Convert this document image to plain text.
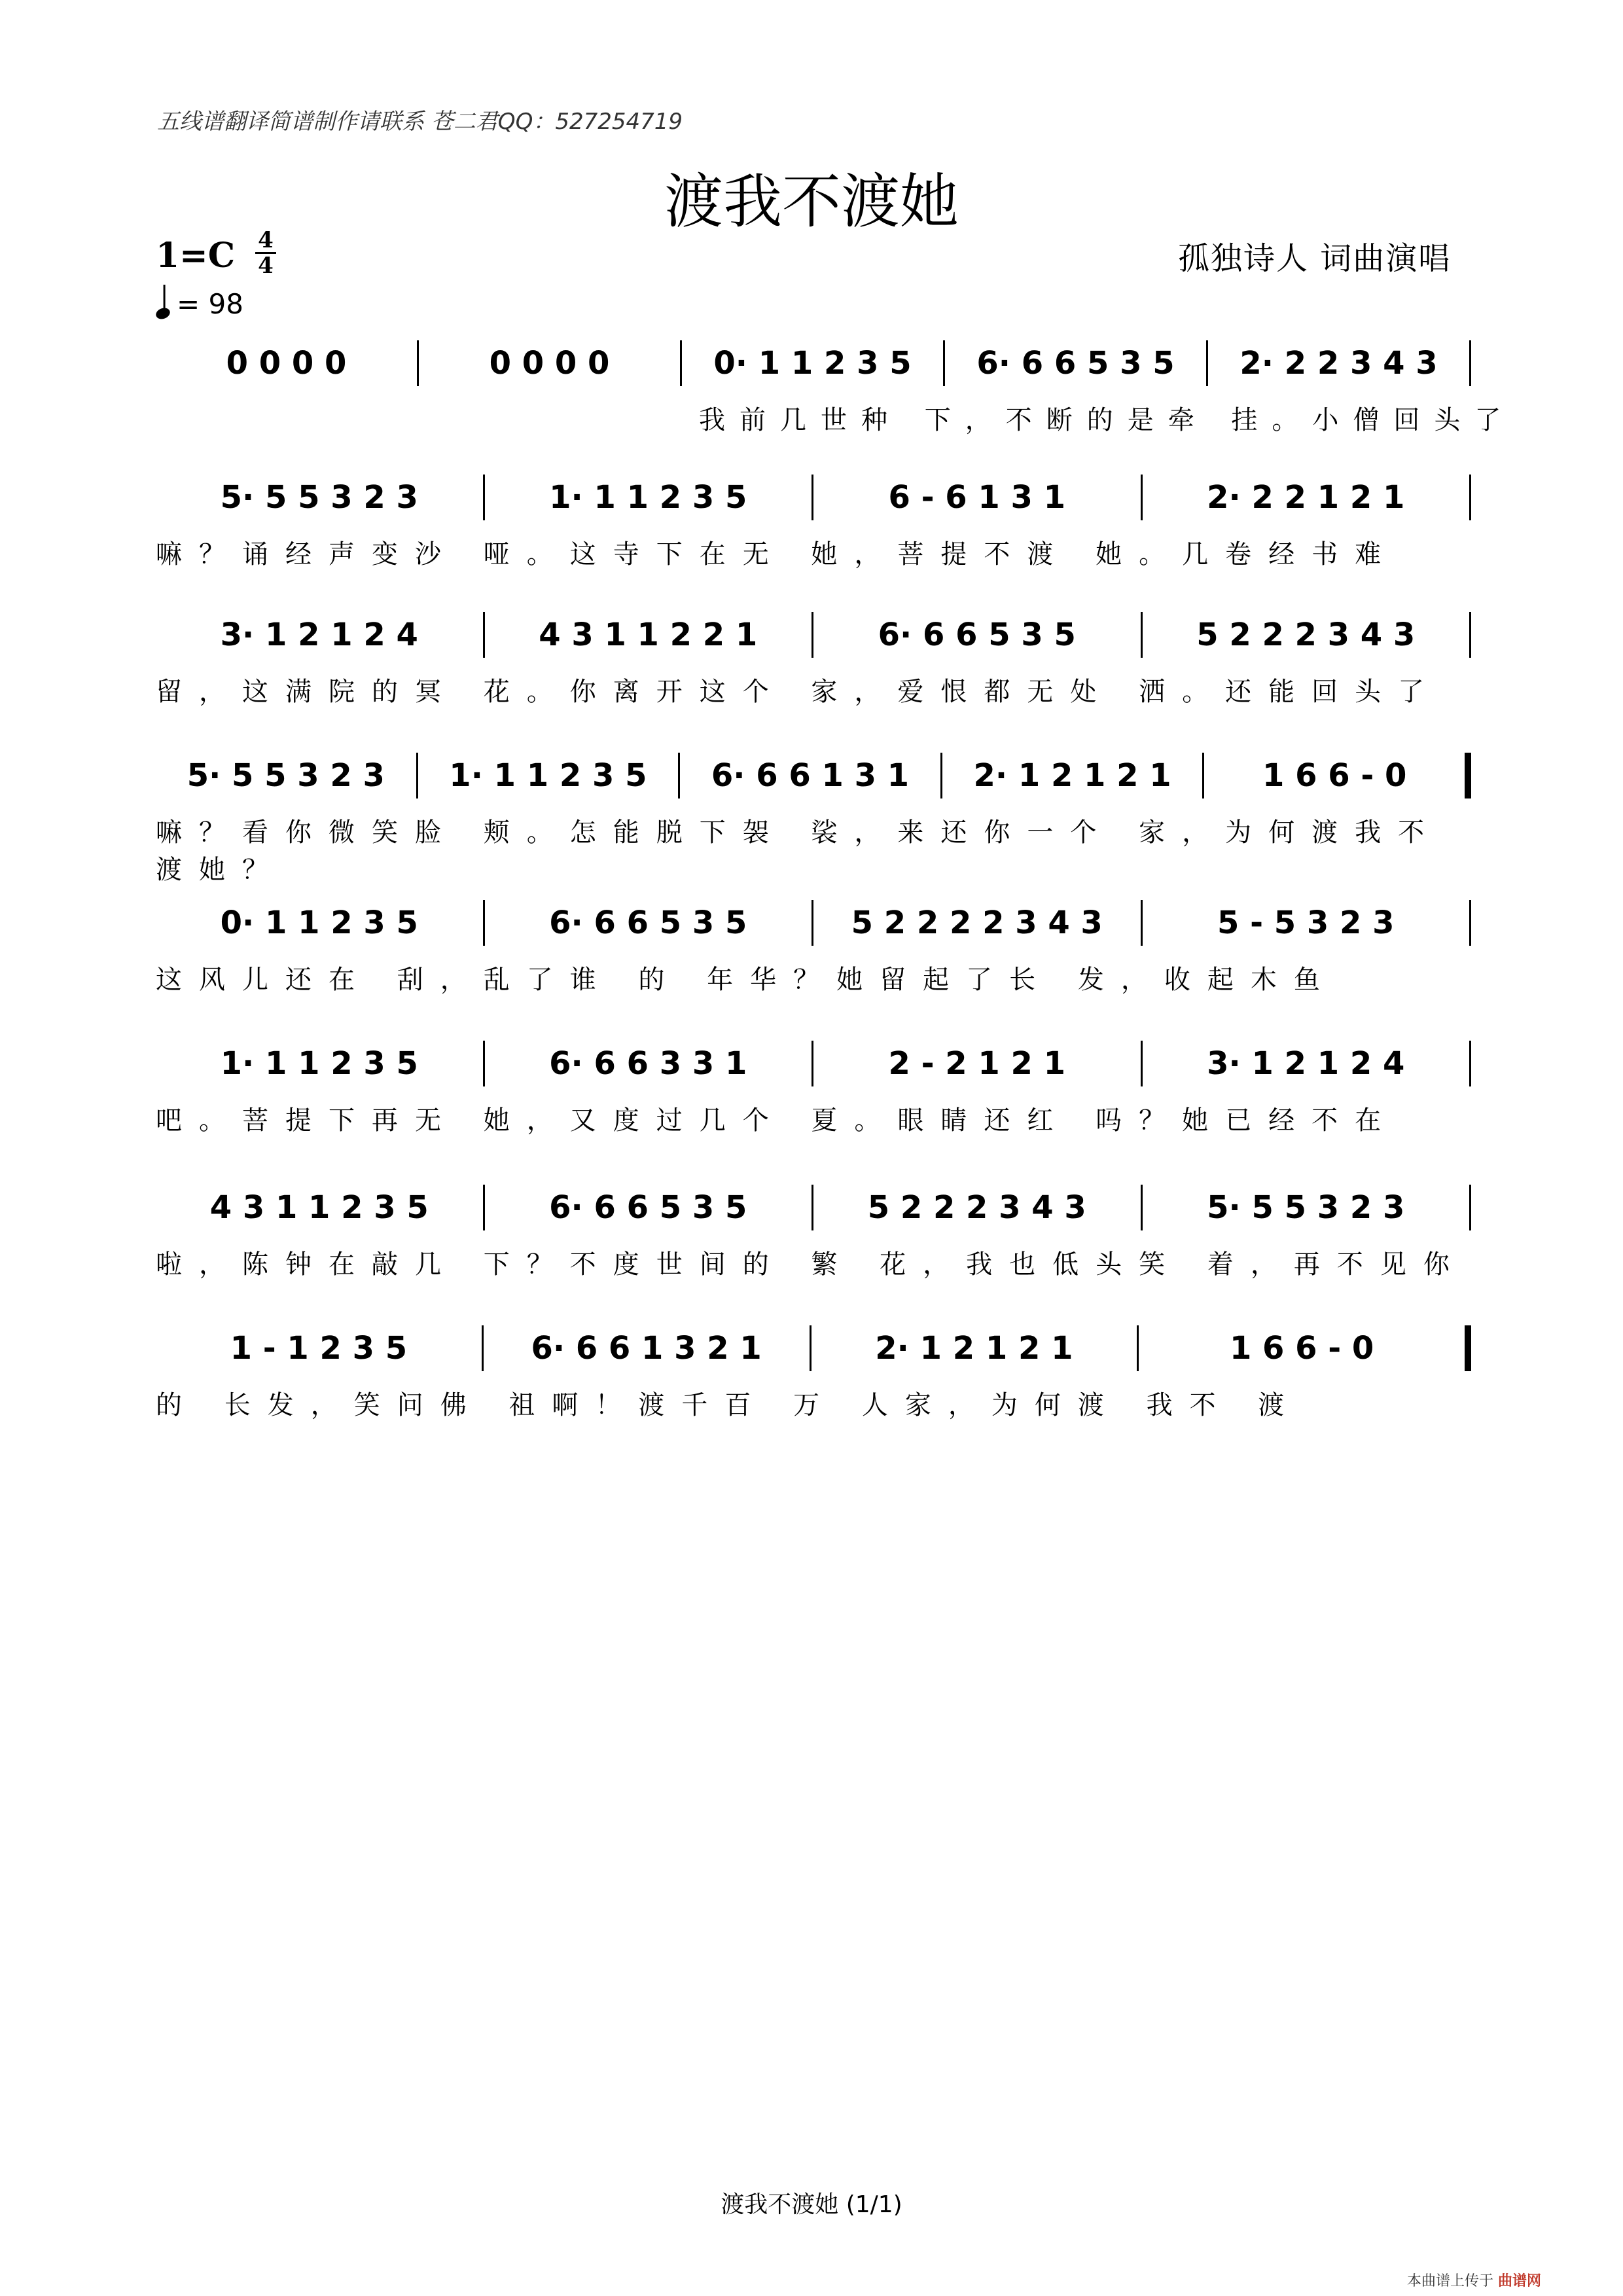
五线谱翻译简谱制作请联系 苍二君QQ：527254719
渡我不渡她
1=C 4
4
= 98
孤独诗人 词曲演唱
0 0 0 0	0 0 0 0	0· 1 1 2 3 5	6· 6 6 5 3 5	2· 2 2 3 4 3
我前几世种 下，不断的是牵 挂。小僧回头了
5· 5 5 3 2 3	1· 1 1 2 3 5	6 - 6 1 3 1	2· 2 2 1 2 1
嘛？诵经声变沙 哑。这寺下在无 她，菩提不渡 她。几卷经书难
3· 1 2 1 2 4	4 3 1 1 2 2 1	6· 6 6 5 3 5	5 2 2 2 3 4 3
留，这满院的冥 花。你离开这个 家，爱恨都无处 洒。还能回头了
5· 5 5 3 2 3	1· 1 1 2 3 5	6· 6 6 1 3 1	2· 1 2 1 2 1	1 6 6 - 0
嘛？看你微笑脸 颊。怎能脱下袈 裟，来还你一个 家，为何渡我不 渡她？
0· 1 1 2 3 5	6· 6 6 5 3 5	5 2 2 2 2 3 4 3	5 - 5 3 2 3
这风儿还在 刮，乱了谁 的 年华？她留起了长 发，收起木鱼
1· 1 1 2 3 5	6· 6 6 3 3 1	2 - 2 1 2 1	3· 1 2 1 2 4
吧。菩提下再无 她，又度过几个 夏。眼睛还红 吗？她已经不在
4 3 1 1 2 3 5	6· 6 6 5 3 5	5 2 2 2 3 4 3	5· 5 5 3 2 3
啦，陈钟在敲几 下？不度世间的 繁 花，我也低头笑 着，再不见你
1 - 1 2 3 5	6· 6 6 1 3 2 1	2· 1 2 1 2 1	1 6 6 - 0
的 长发，笑问佛 祖啊！渡千百 万 人家，为何渡 我不 渡
渡我不渡她 (1/1)
本曲谱上传于 曲谱网
